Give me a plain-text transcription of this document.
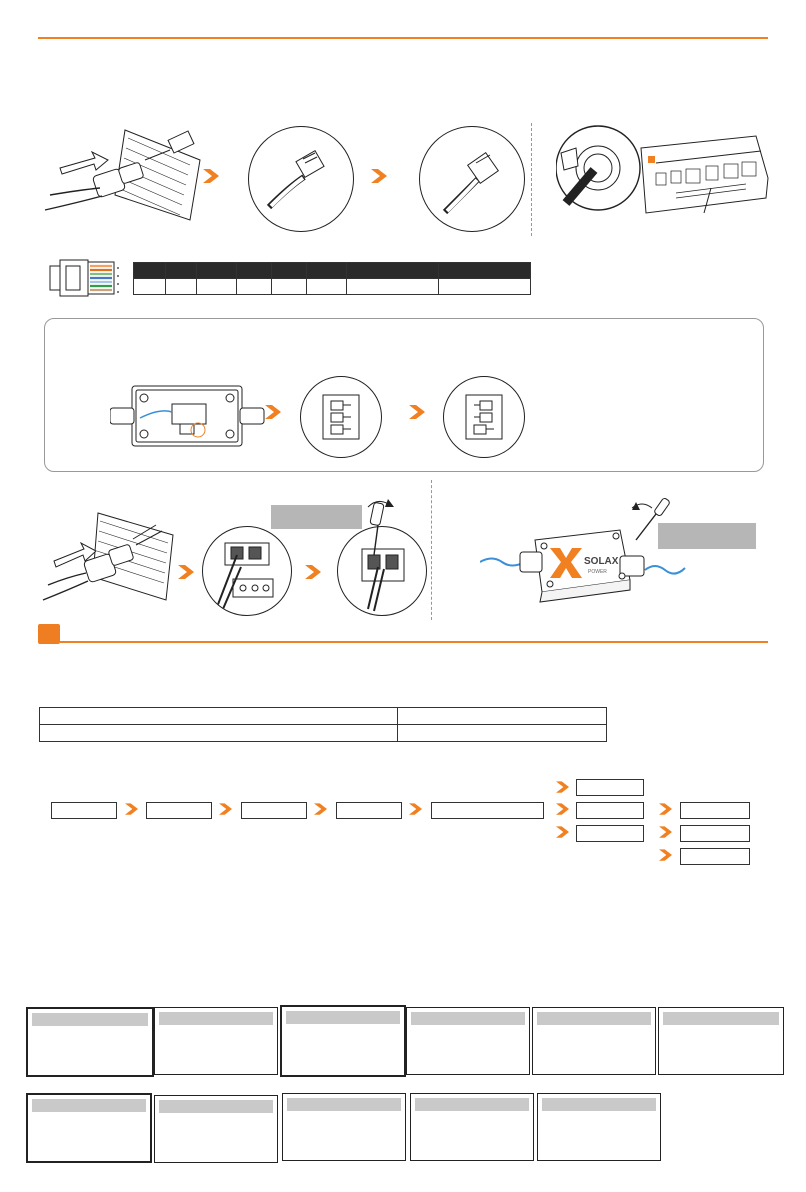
SOLAX
POWER
